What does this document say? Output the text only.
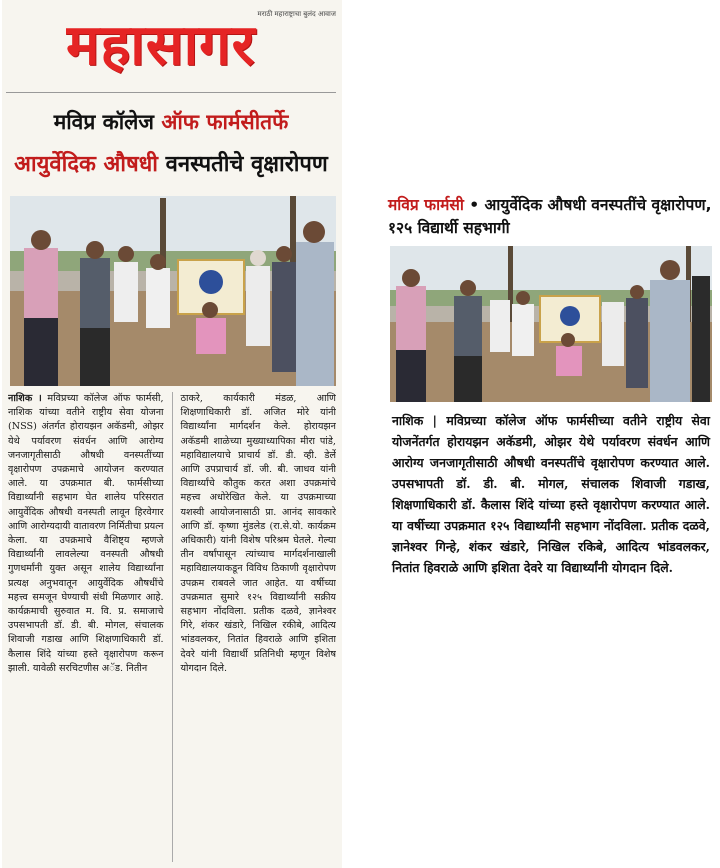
मराठी महाराष्ट्राचा बुलंद आवाज
महासागर
मविप्र कॉलेज ऑफ फार्मसीतर्फे
आयुर्वेदिक औषधी वनस्पतीचे वृक्षारोपण

नाशिक । मविप्रच्या कॉलेज ऑफ फार्मसी, नाशिक यांच्या वतीने राष्ट्रीय सेवा योजना (NSS) अंतर्गत होरायझन अकॅडमी, ओझर येथे पर्यावरण संवर्धन आणि आरोग्य जनजागृतीसाठी औषधी वनस्पतींच्या वृक्षारोपण उपक्रमाचे आयोजन करण्यात आले. या उपक्रमात बी. फार्मसीच्या विद्यार्थ्यांनी सहभाग घेत शालेय परिसरात आयुर्वेदिक औषधी वनस्पती लावून हिरवेगार आणि आरोग्यदायी वातावरण निर्मितीचा प्रयत्न केला. या उपक्रमाचे वैशिष्ट्य म्हणजे विद्यार्थ्यांनी लावलेल्या वनस्पती औषधी गुणधर्मांनी युक्त असून शालेय विद्यार्थ्यांना प्रत्यक्ष अनुभवातून आयुर्वेदिक औषधींचे महत्त्व समजून घेण्याची संधी मिळणार आहे. कार्यक्रमाची सुरुवात म. वि. प्र. समाजाचे उपसभापती डॉ. डी. बी. मोगल, संचालक शिवाजी गडाख आणि शिक्षणाधिकारी डॉ. कैलास शिंदे यांच्या हस्ते वृक्षारोपण करून झाली. यावेळी सरचिटणीस अॅड. नितीन

ठाकरे, कार्यकारी मंडळ, आणि शिक्षणाधिकारी डॉ. अजित मोरे यांनी विद्यार्थ्यांना मार्गदर्शन केले. होरायझन अकॅडमी शाळेच्या मुख्याध्यापिका मीरा पांडे, महाविद्यालयाचे प्राचार्य डॉ. डी. व्ही. डेर्ले आणि उपप्राचार्य डॉ. जी. बी. जाधव यांनी विद्यार्थ्यांचे कौतुक करत अशा उपक्रमांचे महत्त्व अधोरेखित केले. या उपक्रमाच्या यशस्वी आयोजनासाठी प्रा. आनंद सावकारे आणि डॉ. कृष्णा मुंडलेड (रा.से.यो. कार्यक्रम अधिकारी) यांनी विशेष परिश्रम घेतले. गेल्या तीन वर्षांपासून त्यांच्याच मार्गदर्शनाखाली महाविद्यालयाकडून विविध ठिकाणी वृक्षारोपण उपक्रम राबवले जात आहेत. या वर्षीच्या उपक्रमात सुमारे १२५ विद्यार्थ्यांनी सक्रीय सहभाग नोंदविला. प्रतीक दळवे, ज्ञानेश्वर गिरे, शंकर खंडारे, निखिल रकीबे, आदित्य भांडवलकर, नितांत हिवराळे आणि इशिता देवरे यांनी विद्यार्थी प्रतिनिधी म्हणून विशेष योगदान दिले.

मविप्र फार्मसी • आयुर्वेदिक औषधी वनस्पतींचे वृक्षारोपण, १२५ विद्यार्थी सहभागी

नाशिक | मविप्रच्या कॉलेज ऑफ फार्मसीच्या वतीने राष्ट्रीय सेवा योजनेंतर्गत होरायझन अकॅडमी, ओझर येथे पर्यावरण संवर्धन आणि आरोग्य जनजागृतीसाठी औषधी वनस्पतींचे वृक्षारोपण करण्यात आले. उपसभापती डॉ. डी. बी. मोगल, संचालक शिवाजी गडाख, शिक्षणाधिकारी डॉ. कैलास शिंदे यांच्या हस्ते वृक्षारोपण करण्यात आले. या वर्षीच्या उपक्रमात १२५ विद्यार्थ्यांनी सहभाग नोंदविला. प्रतीक दळवे, ज्ञानेश्वर गिन्हे, शंकर खंडारे, निखिल रकिबे, आदित्य भांडवलकर, नितांत हिवराळे आणि इशिता देवरे या विद्यार्थ्यांनी योगदान दिले.
